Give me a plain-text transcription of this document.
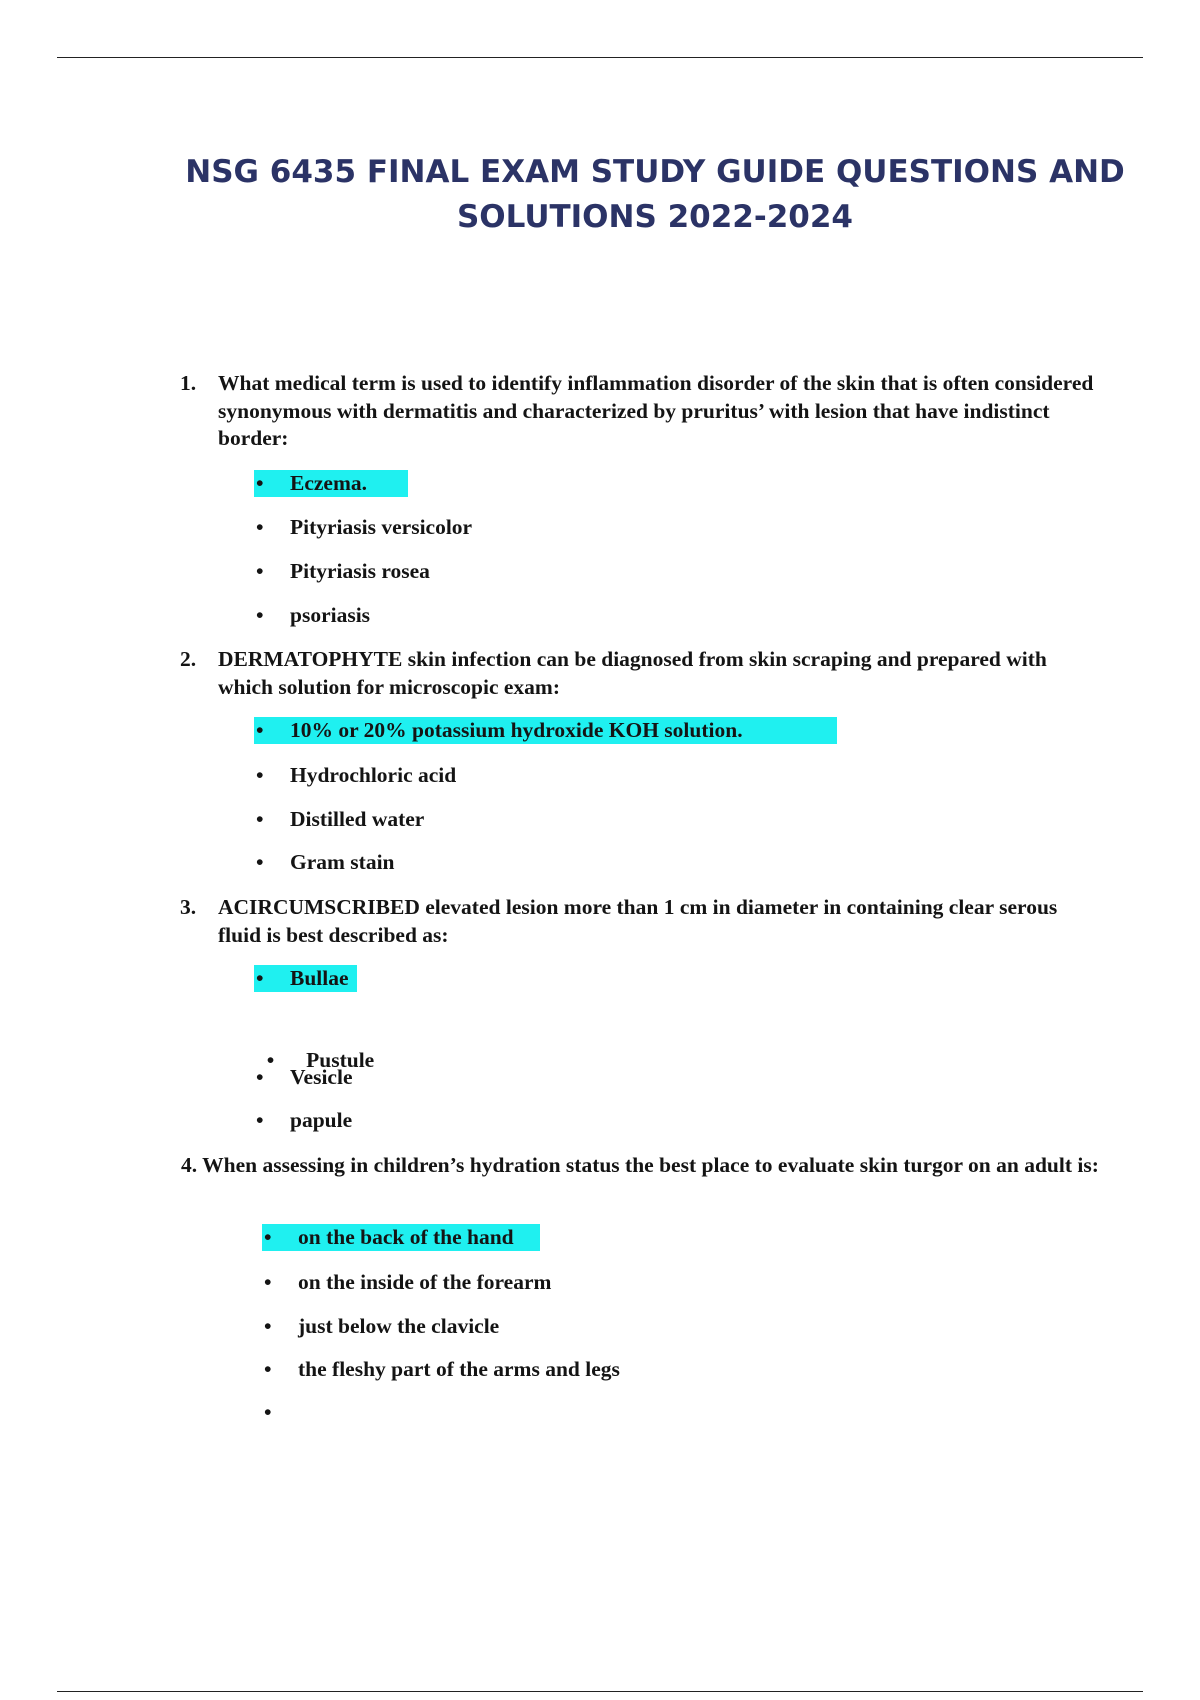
NSG 6435 FINAL EXAM STUDY GUIDE QUESTIONS AND SOLUTIONS 2022-2024
1. What medical term is used to identify inflammation disorder of the skin that is often considered synonymous with dermatitis and characterized by pruritus’ with lesion that have indistinct border:
• Eczema.
• Pityriasis versicolor
• Pityriasis rosea
• psoriasis
2. DERMATOPHYTE skin infection can be diagnosed from skin scraping and prepared with which solution for microscopic exam:
• 10% or 20% potassium hydroxide KOH solution.
• Hydrochloric acid
• Distilled water
• Gram stain
3. ACIRCUMSCRIBED elevated lesion more than 1 cm in diameter in containing clear serous fluid is best described as:
• Bullae

• Pustule

• Vesicle
• papule
4. When assessing in children’s hydration status the best place to evaluate skin turgor on an adult is:
• on the back of the hand
• on the inside of the forearm
• just below the clavicle
• the fleshy part of the arms and legs
•
